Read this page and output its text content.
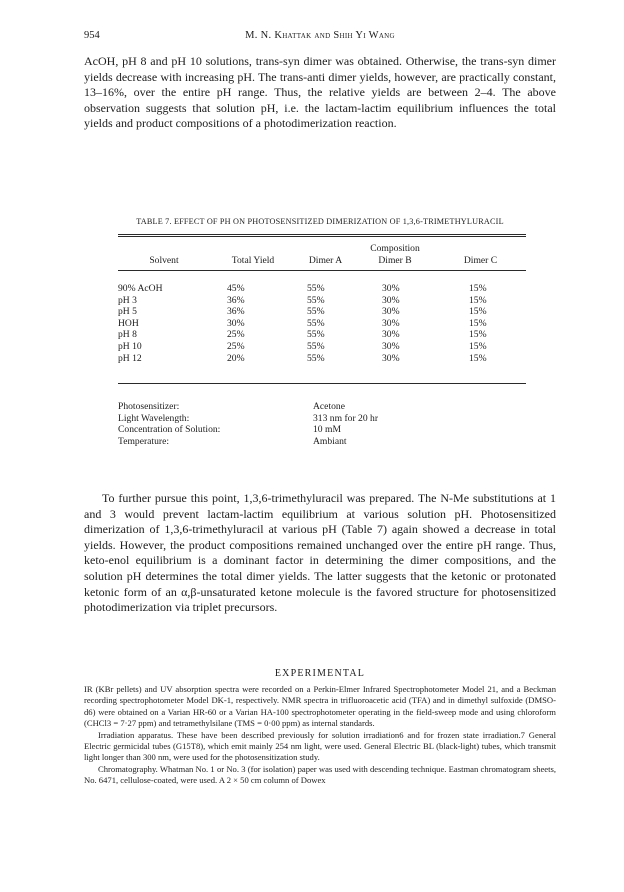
954	M. N. Khattak and Shih Yi Wang

AcOH, pH 8 and pH 10 solutions, trans-syn dimer was obtained. Otherwise, the trans-syn dimer yields decrease with increasing pH. The trans-anti dimer yields, however, are practically constant, 13–16%, over the entire pH range. Thus, the relative yields are between 2–4. The above observation suggests that solution pH, i.e. the lactam-lactim equilibrium influences the total yields and product compositions of a photodimerization reaction.

TABLE 7. EFFECT OF PH ON PHOTOSENSITIZED DIMERIZATION OF 1,3,6-TRIMETHYLURACIL
Composition
Solvent	Total Yield	Dimer A	Dimer B	Dimer C
90% AcOH	45%	55%	30%	15%
pH 3	36%	55%	30%	15%
pH 5	36%	55%	30%	15%
HOH	30%	55%	30%	15%
pH 8	25%	55%	30%	15%
pH 10	25%	55%	30%	15%
pH 12	20%	55%	30%	15%
Photosensitizer:	Acetone
Light Wavelength:	313 nm for 20 hr
Concentration of Solution:	10 mM
Temperature:	Ambiant

To further pursue this point, 1,3,6-trimethyluracil was prepared. The N-Me substitutions at 1 and 3 would prevent lactam-lactim equilibrium at various solution pH. Photosensitized dimerization of 1,3,6-trimethyluracil at various pH (Table 7) again showed a decrease in total yields. However, the product compositions remained unchanged over the entire pH range. Thus, keto-enol equilibrium is a dominant factor in determining the dimer compositions, and the solution pH determines the total dimer yields. The latter suggests that the ketonic or protonated ketonic form of an α,β-unsaturated ketone molecule is the favored structure for photosensitized photodimerization via triplet precursors.

EXPERIMENTAL

IR (KBr pellets) and UV absorption spectra were recorded on a Perkin-Elmer Infrared Spectrophotometer Model 21, and a Beckman recording spectrophotometer Model DK-1, respectively. NMR spectra in trifluoroacetic acid (TFA) and in dimethyl sulfoxide (DMSO-d6) were obtained on a Varian HR-60 or a Varian HA-100 spectrophotometer operating in the field-sweep mode and using chloroform (CHCl3 = 7·27 ppm) and tetramethylsilane (TMS = 0·00 ppm) as internal standards.

Irradiation apparatus. These have been described previously for solution irradiation6 and for frozen state irradiation.7 General Electric germicidal tubes (G15T8), which emit mainly 254 nm light, were used. General Electric BL (black-light) tubes, which transmit light longer than 300 nm, were used for the photosensitization study.

Chromatography. Whatman No. 1 or No. 3 (for isolation) paper was used with descending technique. Eastman chromatogram sheets, No. 6471, cellulose-coated, were used. A 2 × 50 cm column of Dowex
